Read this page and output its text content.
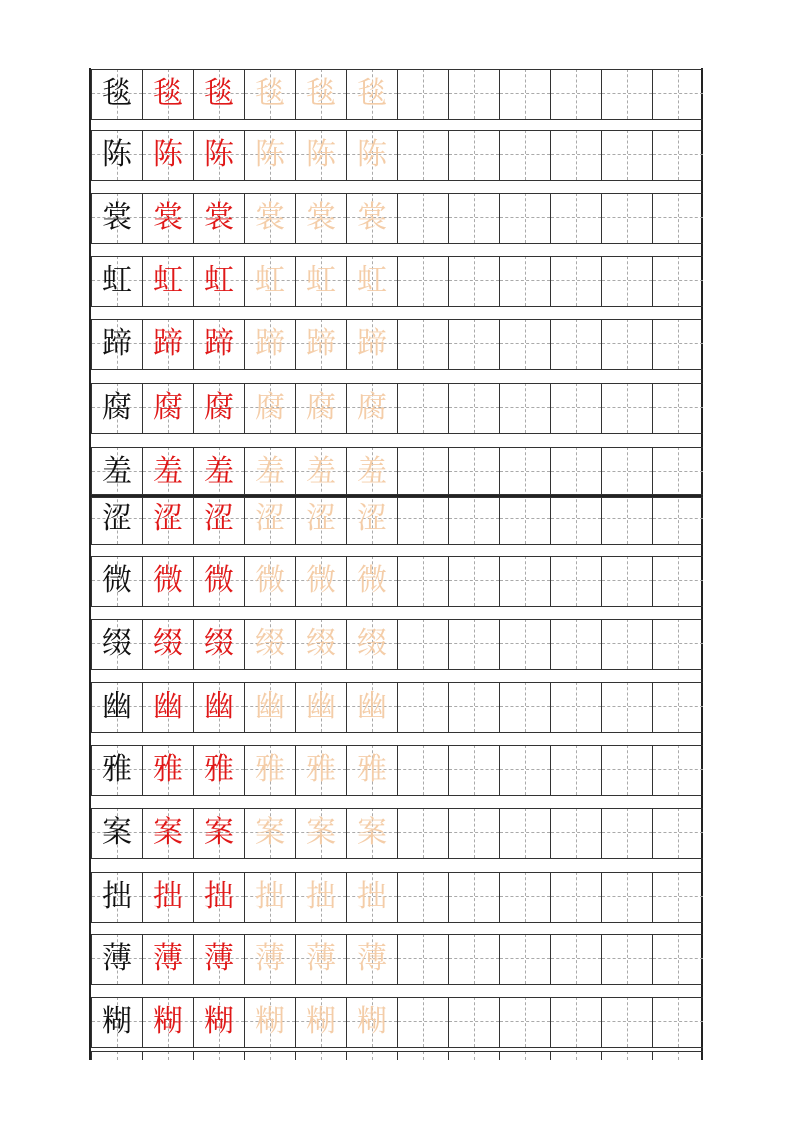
毯 毯 毯 毯 毯 毯
陈 陈 陈 陈 陈 陈
裳 裳 裳 裳 裳 裳
虹 虹 虹 虹 虹 虹
蹄 蹄 蹄 蹄 蹄 蹄
腐 腐 腐 腐 腐 腐
羞 羞 羞 羞 羞 羞
涩 涩 涩 涩 涩 涩
微 微 微 微 微 微
缀 缀 缀 缀 缀 缀
幽 幽 幽 幽 幽 幽
雅 雅 雅 雅 雅 雅
案 案 案 案 案 案
拙 拙 拙 拙 拙 拙
薄 薄 薄 薄 薄 薄
糊 糊 糊 糊 糊 糊
